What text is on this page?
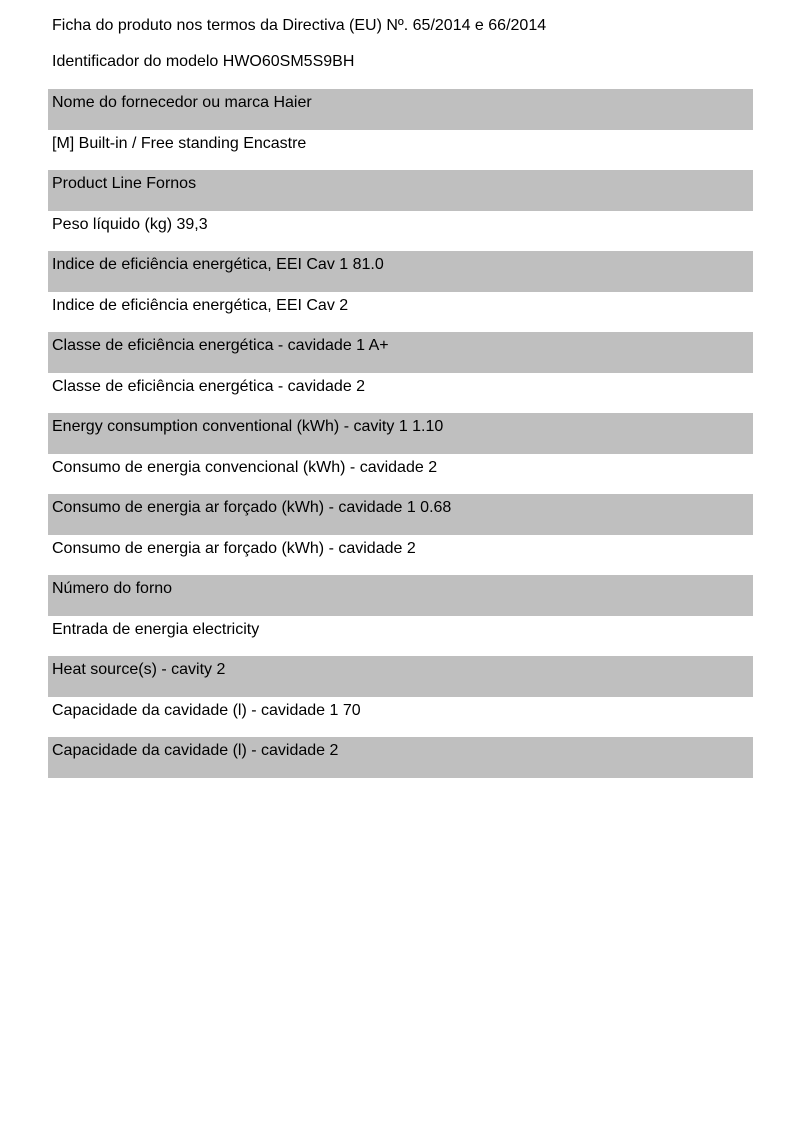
Ficha do produto nos termos da Directiva (EU) Nº. 65/2014 e 66/2014
Identificador do modelo HWO60SM5S9BH
Nome do fornecedor ou marca Haier
[M] Built-in / Free standing Encastre
Product Line Fornos
Peso líquido (kg) 39,3
Indice de eficiência energética, EEI Cav 1 81.0
Indice de eficiência energética, EEI Cav 2
Classe de eficiência energética - cavidade 1 A+
Classe de eficiência energética - cavidade 2
Energy consumption conventional (kWh) - cavity 1 1.10
Consumo de energia convencional (kWh) - cavidade 2
Consumo de energia ar forçado (kWh) - cavidade 1 0.68
Consumo de energia ar forçado (kWh) - cavidade 2
Número do forno
Entrada de energia electricity
Heat source(s) - cavity 2
Capacidade da cavidade (l) - cavidade 1 70
Capacidade da cavidade (l) - cavidade 2
